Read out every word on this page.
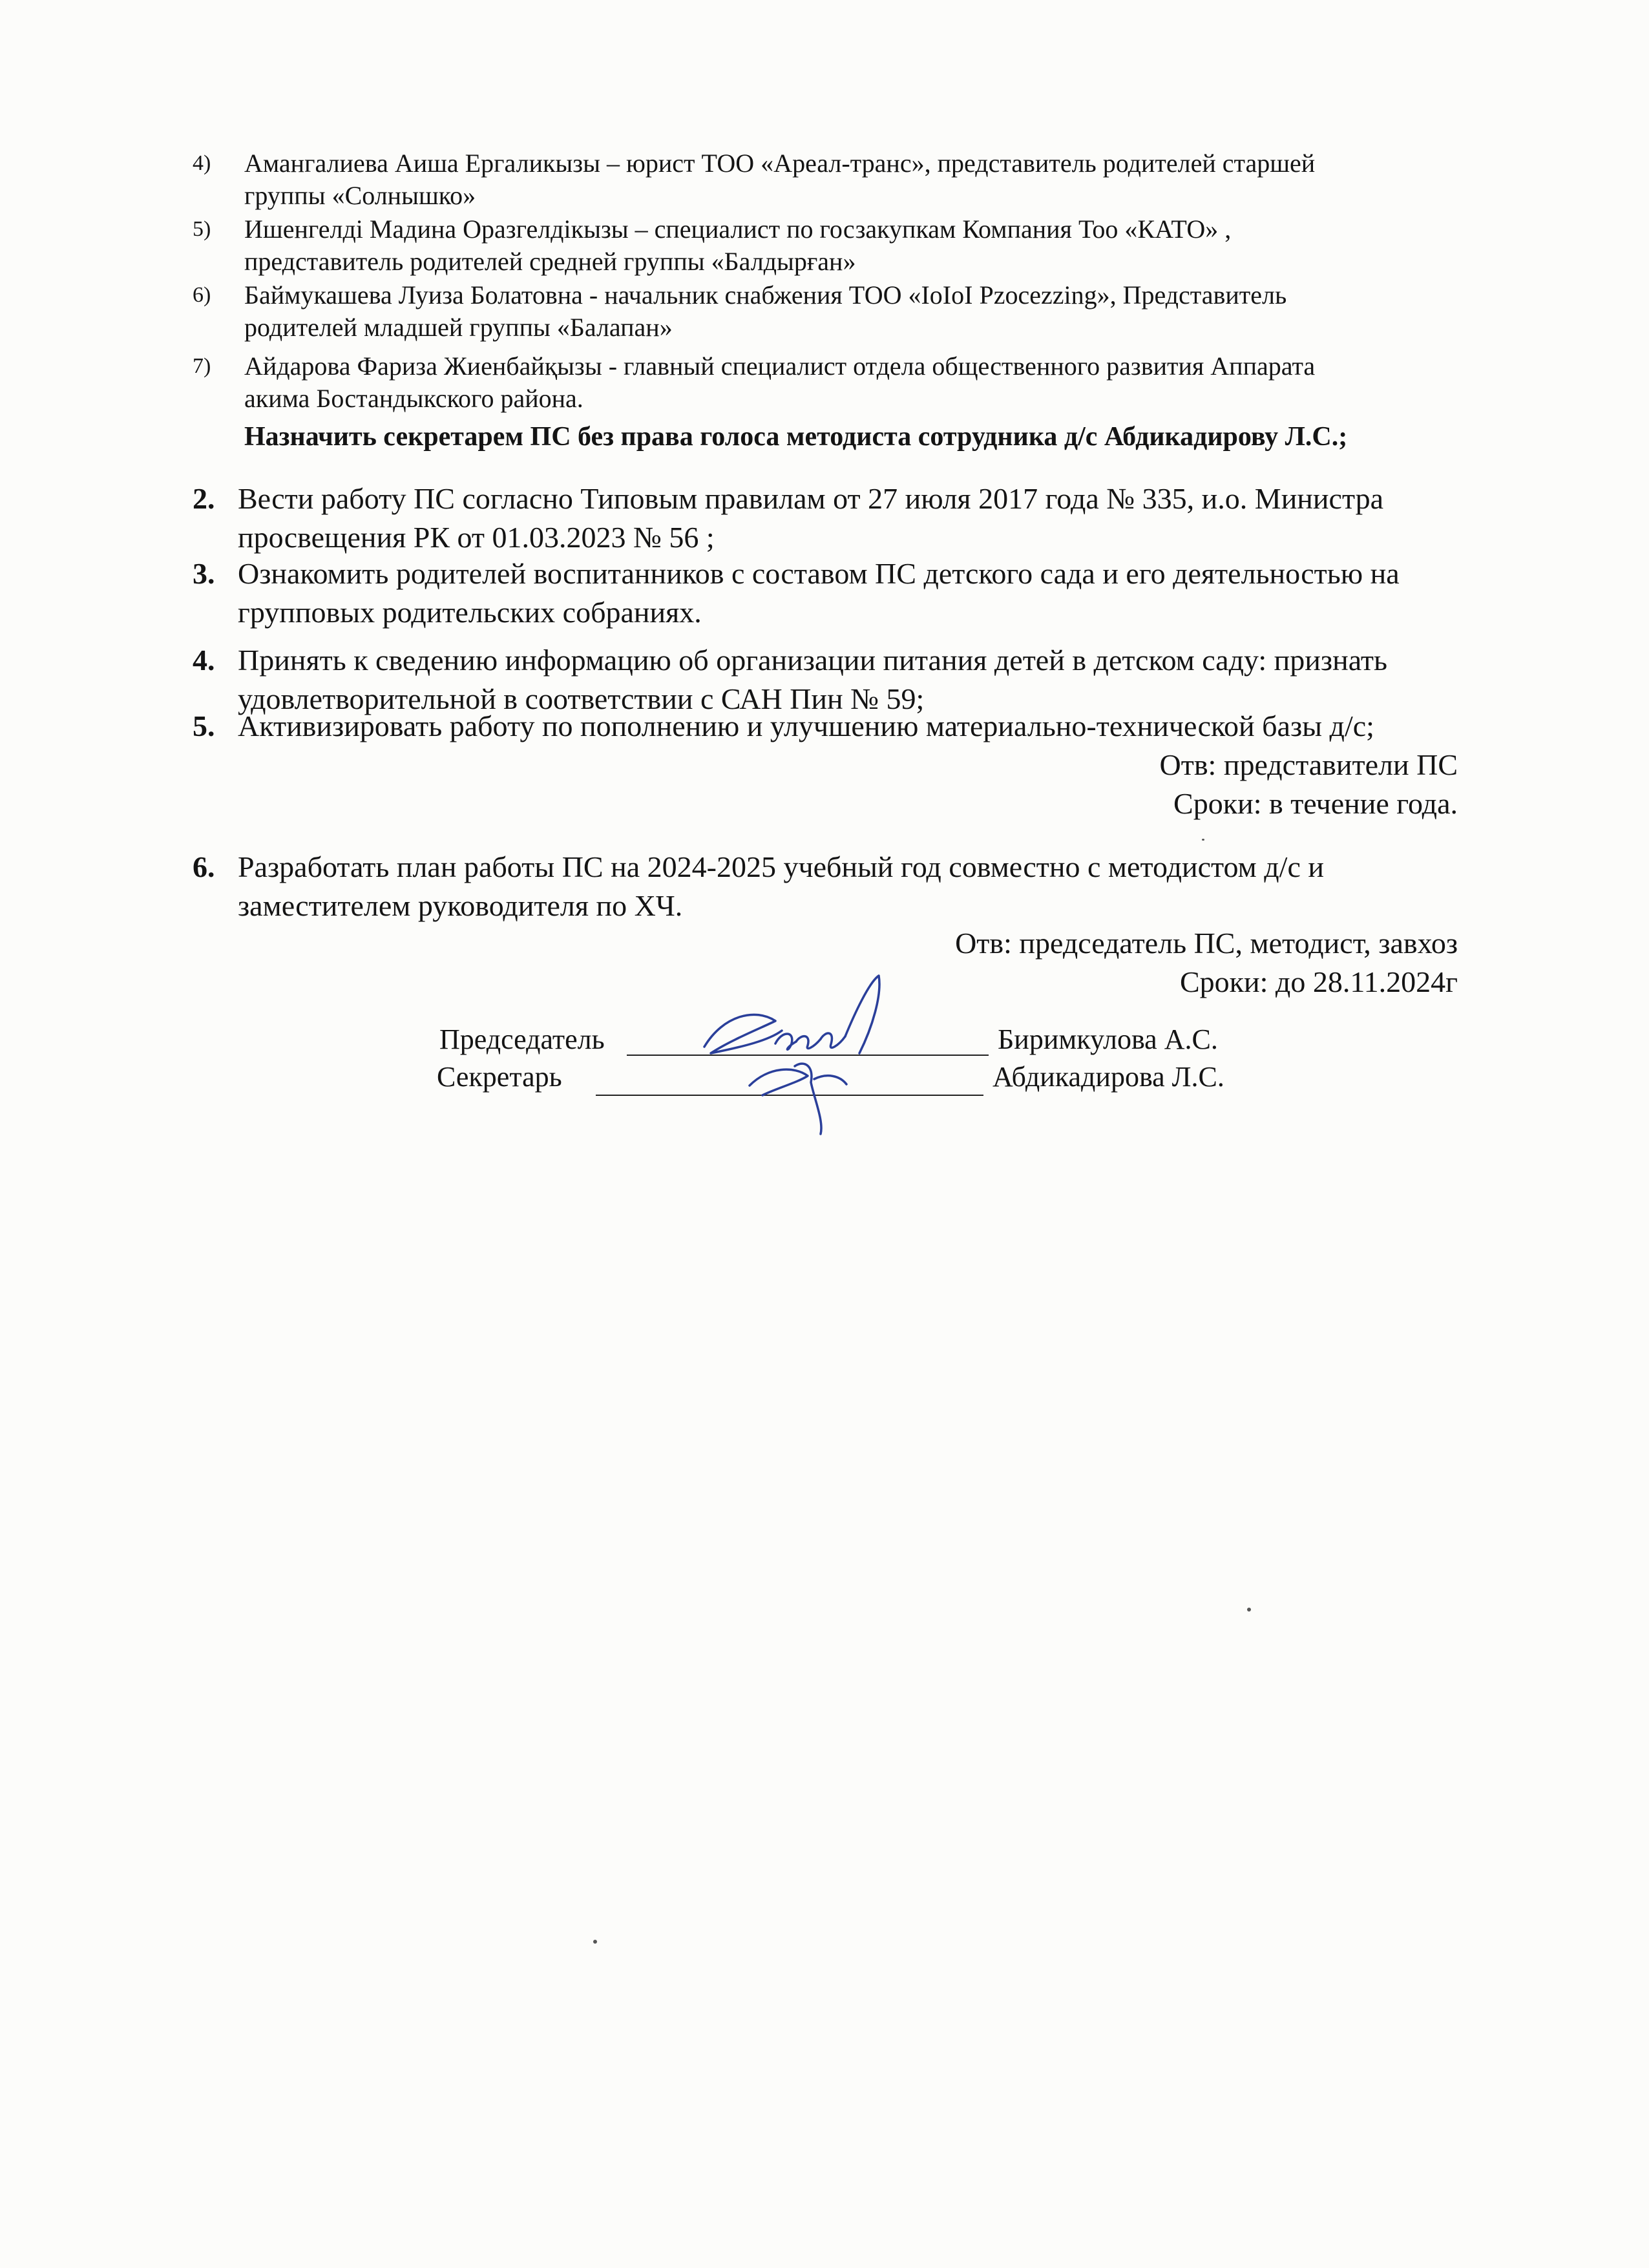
4)	Амангалиева Аиша Ергаликызы – юрист ТОО «Ареал-транс», представитель родителей старшей
группы «Солнышко»
5)	Ишенгелді Мадина Оразгелдікызы – специалист по госзакупкам Компания Тоо «КАТО» ,
представитель родителей средней группы «Балдырған»
6)	Баймукашева Луиза Болатовна - начальник снабжения ТОО «IoIoI Pzocezzing», Представитель
родителей младшей группы «Балапан»
7)	Айдарова Фариза Жиенбайқызы - главный специалист отдела общественного развития Аппарата
акима Бостандыкского района.
Назначить секретарем ПС без права голоса методиста сотрудника д/с Абдикадирову Л.С.;
2. Вести работу ПС согласно Типовым правилам от 27 июля 2017 года № 335, и.о. Министра
просвещения РК от 01.03.2023 № 56 ;
3. Ознакомить родителей воспитанников с составом ПС детского сада и его деятельностью на
групповых родительских собраниях.
4. Принять к сведению информацию об организации питания детей в детском саду: признать
удовлетворительной в соответствии с САН Пин № 59;
5. Активизировать работу по пополнению и улучшению материально-технической базы д/с;
Отв: представители ПС
Сроки: в течение года.
6. Разработать план работы ПС на 2024-2025 учебный год совместно с методистом д/с и
заместителем руководителя по ХЧ.
Отв: председатель ПС, методист, завхоз
Сроки: до 28.11.2024г
Председатель	Биримкулова А.С.
Секретарь	Абдикадирова Л.С.
